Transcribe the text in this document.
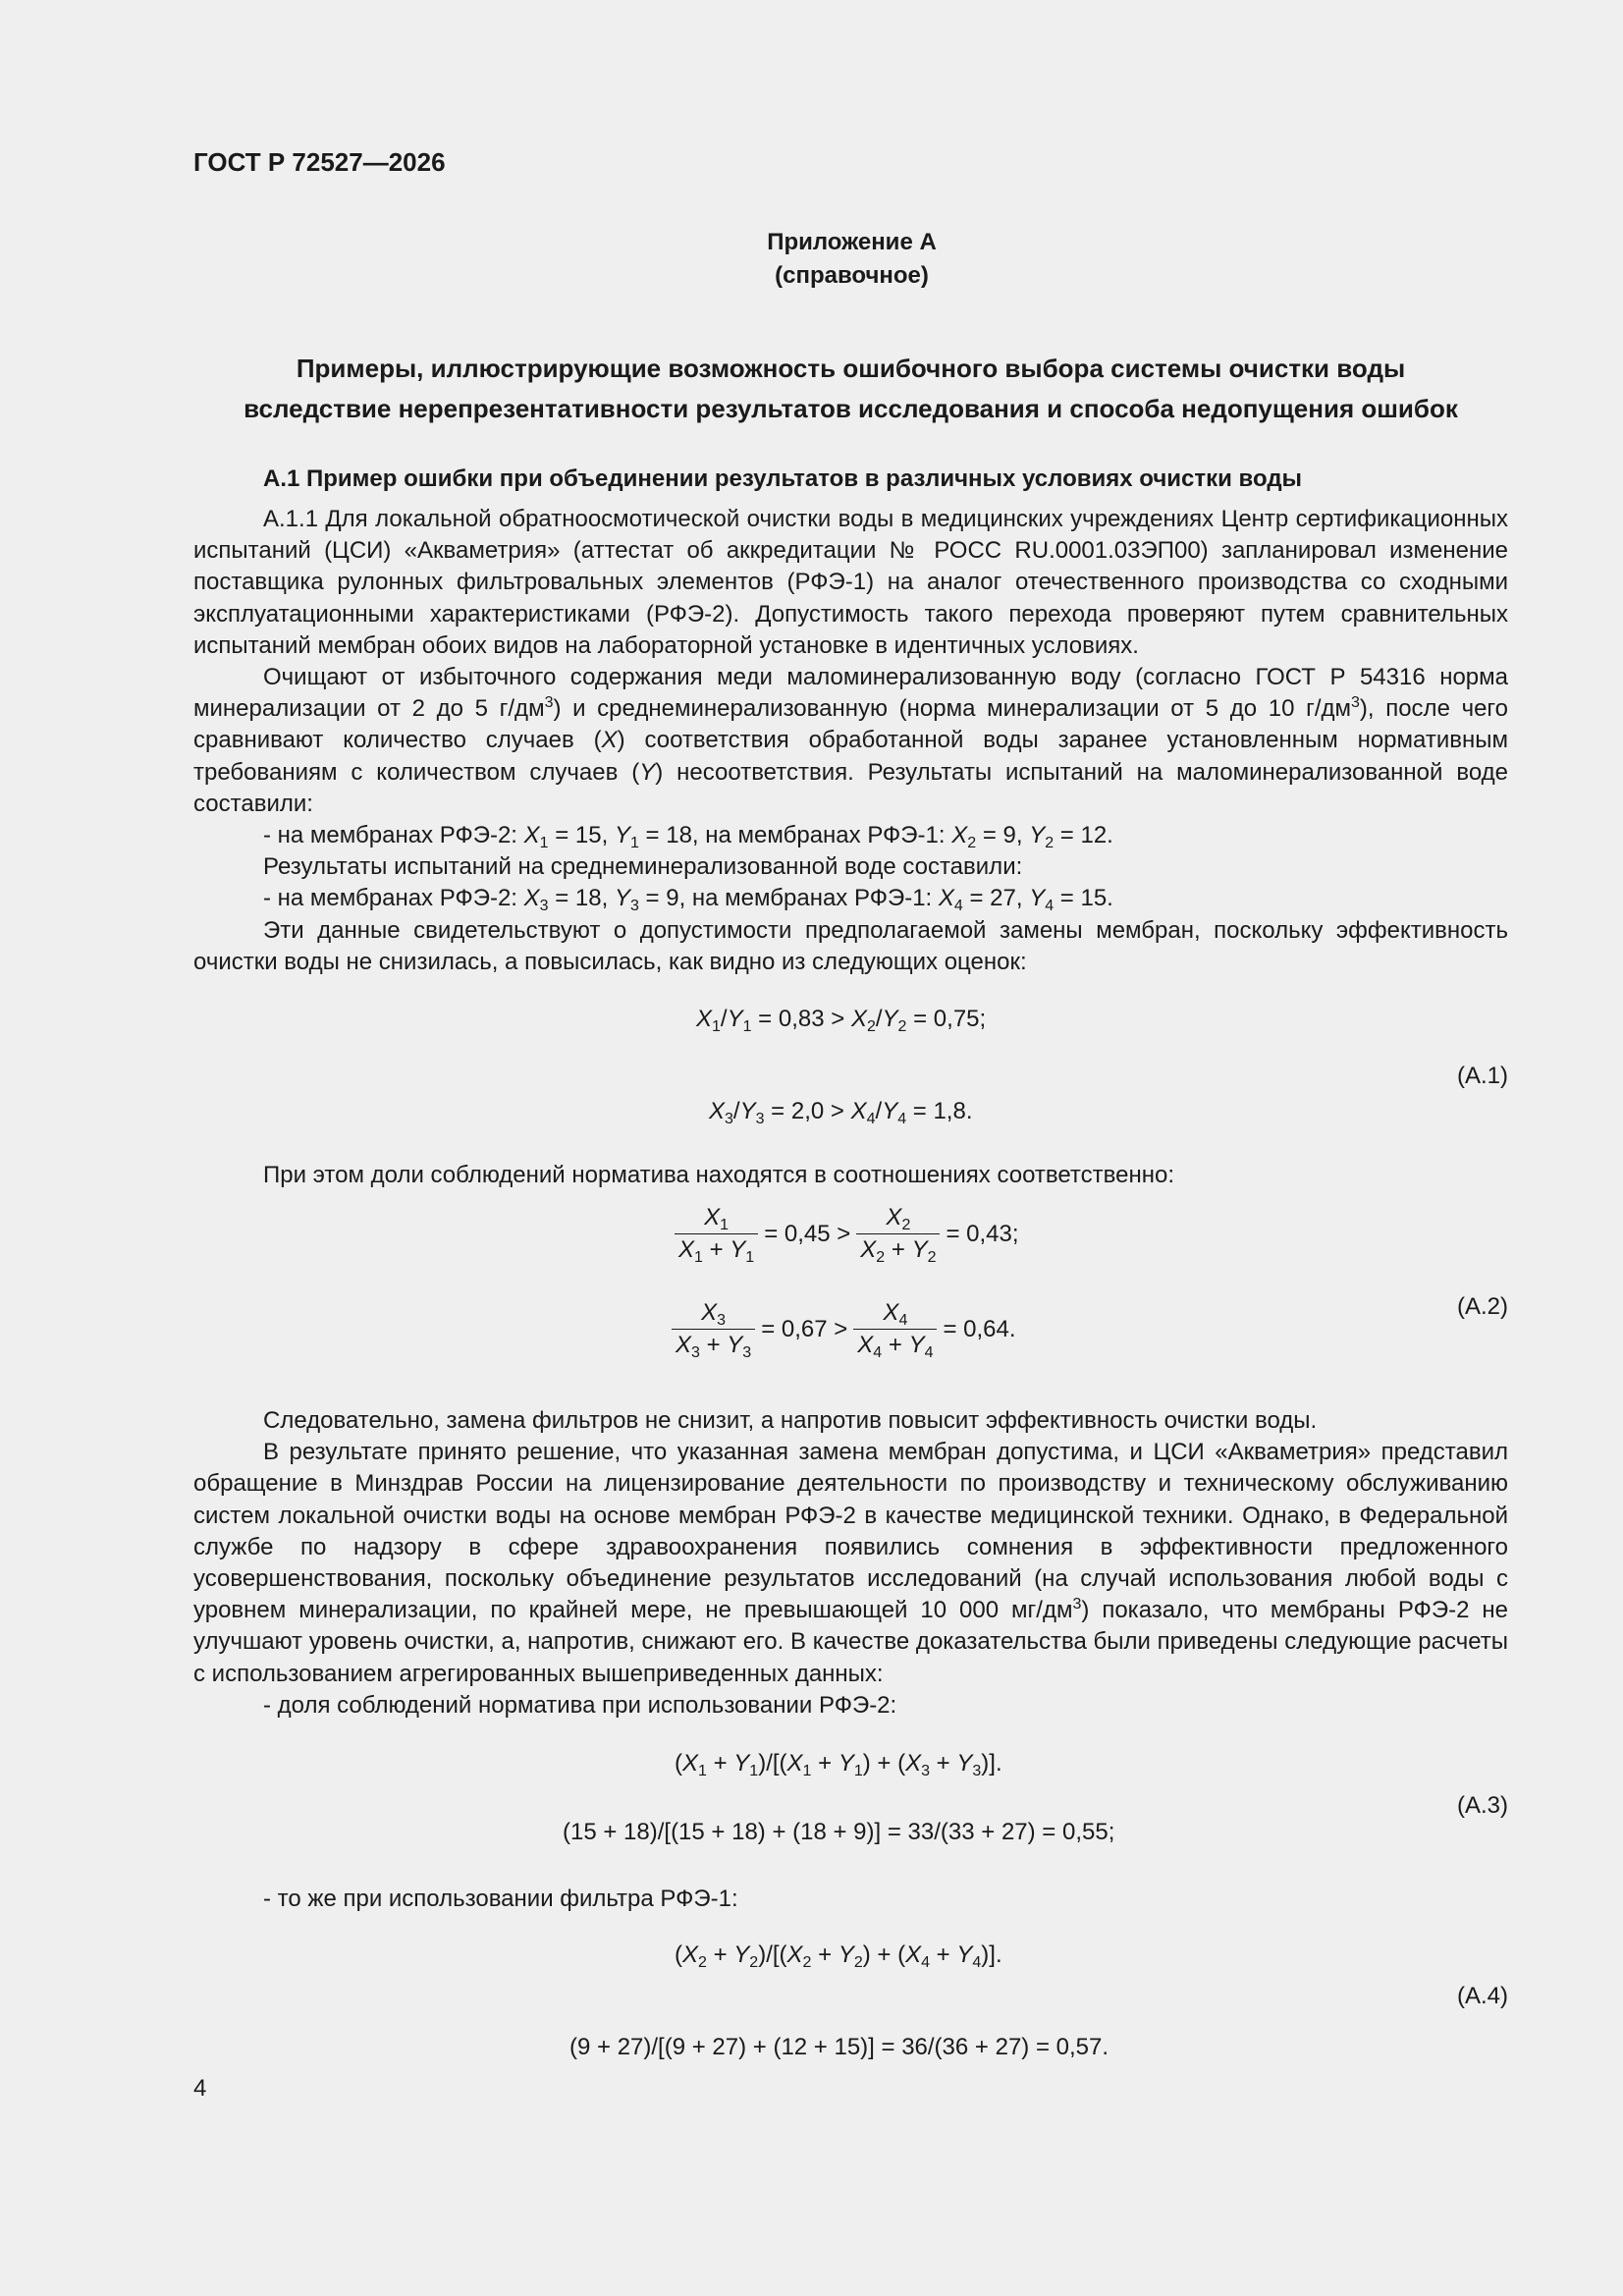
ГОСТ Р 72527—2026
Приложение А
(справочное)
Примеры, иллюстрирующие возможность ошибочного выбора системы очистки воды
вследствие нерепрезентативности результатов исследования и способа недопущения ошибок
А.1 Пример ошибки при объединении результатов в различных условиях очистки воды

А.1.1 Для локальной обратноосмотической очистки воды в медицинских учреждениях Центр сертификационных испытаний (ЦСИ) «Акваметрия» (аттестат об аккредитации № РОСС RU.0001.03ЭП00) запланировал изменение поставщика рулонных фильтровальных элементов (РФЭ-1) на аналог отечественного производства со сходными эксплуатационными характеристиками (РФЭ-2). Допустимость такого перехода проверяют путем сравнительных испытаний мембран обоих видов на лабораторной установке в идентичных условиях.

Очищают от избыточного содержания меди маломинерализованную воду (согласно ГОСТ Р 54316 норма минерализации от 2 до 5 $г/дм^3$) и среднеминерализованную (норма минерализации от 5 до 10 $г/дм^3$), после чего сравнивают количество случаев (X) соответствия обработанной воды заранее установленным нормативным требованиям с количеством случаев (Y) несоответствия. Результаты испытаний на маломинерализованной воде составили:

- на мембранах РФЭ-2: $X_1 = 15$, $Y_1 = 18$, на мембранах РФЭ-1: $X_2 = 9$, $Y_2 = 12$.

Результаты испытаний на среднеминерализованной воде составили:

- на мембранах РФЭ-2: $X_3 = 18$, $Y_3 = 9$, на мембранах РФЭ-1: $X_4 = 27$, $Y_4 = 15$.

Эти данные свидетельствуют о допустимости предполагаемой замены мембран, поскольку эффективность очистки воды не снизилась, а повысилась, как видно из следующих оценок:

$X_1/Y_1 = 0,83 > X_2/Y_2 = 0,75$;
(А.1)
$X_3/Y_3 = 2,0 > X_4/Y_4 = 1,8$.

При этом доли соблюдений норматива находятся в соотношениях соответственно:

$\frac{X_1}{X_1 + Y_1} = 0,45 > \frac{X_2}{X_2 + Y_2} = 0,43$;
(А.2)
$\frac{X_3}{X_3 + Y_3} = 0,67 > \frac{X_4}{X_4 + Y_4} = 0,64$.

Следовательно, замена фильтров не снизит, а напротив повысит эффективность очистки воды.

В результате принято решение, что указанная замена мембран допустима, и ЦСИ «Акваметрия» представил обращение в Минздрав России на лицензирование деятельности по производству и техническому обслуживанию систем локальной очистки воды на основе мембран РФЭ-2 в качестве медицинской техники. Однако, в Федеральной службе по надзору в сфере здравоохранения появились сомнения в эффективности предложенного усовершенствования, поскольку объединение результатов исследований (на случай использования любой воды с уровнем минерализации, по крайней мере, не превышающей 10 000 $мг/дм^3$) показало, что мембраны РФЭ-2 не улучшают уровень очистки, а, напротив, снижают его. В качестве доказательства были приведены следующие расчеты с использованием агрегированных вышеприведенных данных:

- доля соблюдений норматива при использовании РФЭ-2:

$(X_1 + Y_1)/[(X_1 + Y_1) + (X_3 + Y_3)]$.
(А.3)
(15 + 18)/[(15 + 18) + (18 + 9)] = 33/(33 + 27) = 0,55;

- то же при использовании фильтра РФЭ-1:

$(X_2 + Y_2)/[(X_2 + Y_2) + (X_4 + Y_4)]$.
(А.4)
(9 + 27)/[(9 + 27) + (12 + 15)] = 36/(36 + 27) = 0,57.
4
